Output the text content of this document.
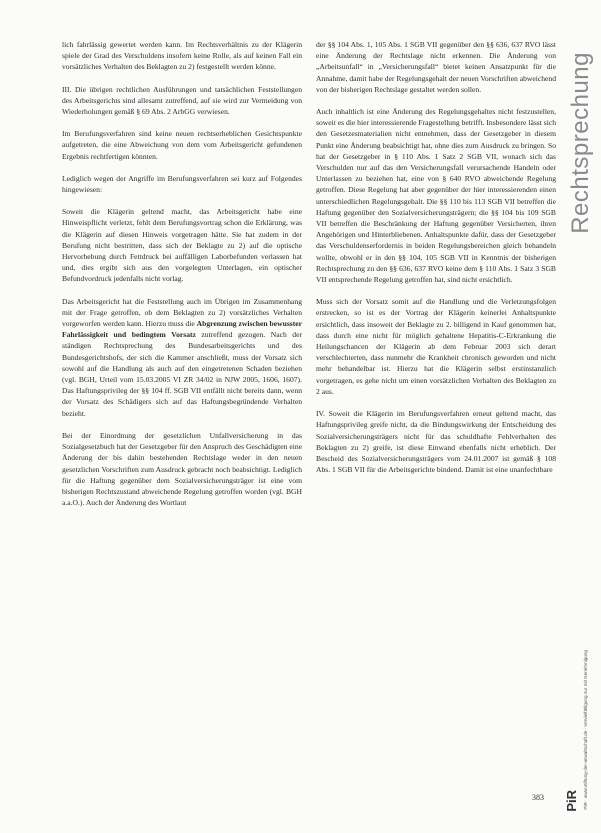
lich fahrlässig gewertet werden kann. Im Rechtsverhältnis zu der Klägerin spiele der Grad des Verschuldens insofern keine Rolle, als auf keinen Fall ein vorsätzliches Verhalten des Beklagten zu 2) festgestellt werden könne.

III. Die übrigen rechtlichen Ausführungen und tatsächlichen Feststellungen des Arbeitsgerichts sind allesamt zutreffend, auf sie wird zur Vermeidung von Wiederholungen gemäß § 69 Abs. 2 ArbGG verwiesen.

Im Berufungsverfahren sind keine neuen rechtserheblichen Gesichtspunkte aufgetreten, die eine Abweichung von dem vom Arbeitsgericht gefundenen Ergebnis rechtfertigen könnten.

Lediglich wegen der Angriffe im Berufungsverfahren sei kurz auf Folgendes hingewiesen:

Soweit die Klägerin geltend macht, das Arbeitsgericht habe eine Hinweispflicht verletzt, fehlt dem Berufungsvortrag schon die Erklärung, was die Klägerin auf diesen Hinweis vorgetragen hätte. Sie hat zudem in der Berufung nicht bestritten, dass sich der Beklagte zu 2) auf die optische Hervorhebung durch Fettdruck bei auffälligen Laborbefunden verlassen hat und, dies ergibt sich aus den vorgelegten Unterlagen, ein optischer Befundvordruck jedenfalls nicht vorlag.

Das Arbeitsgericht hat die Feststellung auch im Übrigen im Zusammenhang mit der Frage getroffen, ob dem Beklagten zu 2) vorsätzliches Verhalten vorgeworfen werden kann. Hierzu muss die Abgrenzung zwischen bewusster Fahrlässigkeit und bedingtem Vorsatz zutreffend gezogen. Nach der ständigen Rechtsprechung des Bundesarbeitsgerichts und des Bundesgerichtshofs, der sich die Kammer anschließt, muss der Vorsatz sich sowohl auf die Handlung als auch auf den eingetretenen Schaden beziehen (vgl. BGH, Urteil vom 15.03.2005 VI ZR 34/02 in NJW 2005, 1606, 1607). Das Haftungsprivileg der §§ 104 ff. SGB VII entfällt nicht bereits dann, wenn der Vorsatz des Schädigers sich auf das Haftungsbegründende Verhalten bezieht.

Bei der Einordnung der gesetzlichen Unfallversicherung in das Sozialgesetzbuch hat der Gesetzgeber für den Anspruch des Geschädigten eine Änderung der bis dahin bestehenden Rechtslage weder in den neuen gesetzlichen Vorschriften zum Ausdruck gebracht noch beabsichtigt. Lediglich für die Haftung gegenüber dem Sozialversicherungsträger ist eine vom bisherigen Rechtszustand abweichende Regelung getroffen worden (vgl. BGH a.a.O.). Auch der Änderung des Wortlaut

der §§ 104 Abs. 1, 105 Abs. 1 SGB VII gegenüber den §§ 636, 637 RVO lässt eine Änderung der Rechtslage nicht erkennen. Die Änderung von „Arbeitsunfall“ in „Versicherungsfall“ bietet keinen Ansatzpunkt für die Annahme, damit habe der Regelungsgehalt der neuen Vorschriften abweichend von der bisherigen Rechtslage gestaltet werden sollen.

Auch inhaltlich ist eine Änderung des Regelungsgehaltes nicht festzustellen, soweit es die hier interessierende Fragestellung betrifft. Insbesondere lässt sich den Gesetzesmaterialien nicht entnehmen, dass der Gesetzgeber in diesem Punkt eine Änderung beabsichtigt hat, ohne dies zum Ausdruck zu bringen. So hat der Gesetzgeber in § 110 Abs. 1 Satz 2 SGB VII, wonach sich das Verschulden nur auf das den Versicherungsfall verursachende Handeln oder Unterlassen zu beziehen hat, eine von § 640 RVO abweichende Regelung getroffen. Diese Regelung hat aber gegenüber der hier interessierenden einen unterschiedlichen Regelungsgehalt. Die §§ 110 bis 113 SGB VII betreffen die Haftung gegenüber den Sozialversicherungsträgern; die §§ 104 bis 109 SGB VII betreffen die Beschränkung der Haftung gegenüber Versicherten, ihren Angehörigen und Hinterbliebenen. Anhaltspunkte dafür, dass der Gesetzgeber das Verschuldenserfordernis in beiden Regelungsbereichen gleich behandeln wollte, obwohl er in den §§ 104, 105 SGB VII in Kenntnis der bisherigen Rechtsprechung zu den §§ 636, 637 RVO keine dem § 110 Abs. 1 Satz 3 SGB VII entsprechende Regelung getroffen hat, sind nicht ersichtlich.

Muss sich der Vorsatz somit auf die Handlung und die Verletzungsfolgen erstrecken, so ist es der Vortrag der Klägerin keinerlei Anhaltspunkte ersichtlich, dass insoweit der Beklagte zu 2. billigend in Kauf genommen hat, dass durch eine nicht für möglich gehaltene Hepatitis-C-Erkrankung die Heilungschancen der Klägerin ab dem Februar 2003 sich derart verschlechterten, dass nunmehr die Krankheit chronisch geworden und nicht mehr behandelbar ist. Hierzu hat die Klägerin selbst erstinstanzlich vorgetragen, es gehe nicht um einen vorsätzlichen Verhalten des Beklagten zu 2 aus.

IV. Soweit die Klägerin im Berufungsverfahren erneut geltend macht, das Haftungsprivileg greife nicht, da die Bindungswirkung der Entscheidung des Sozialversicherungsträgers nicht für das schuldhafte Fehlverhalten des Beklagten zu 2) greife, ist diese Einwand ebenfalls nicht erheblich. Der Bescheid des Sozialversicherungsträgers vom 24.01.2007 ist gemäß § 108 Abs. 1 SGB VII für die Arbeitsgerichte bindend. Damit ist eine unanfechtbare

Rechtsprechung
PiR · www.stiftung-der-anwaltschaft.de · Vervielfältigung nur mit Genehmigung
PiR
383
